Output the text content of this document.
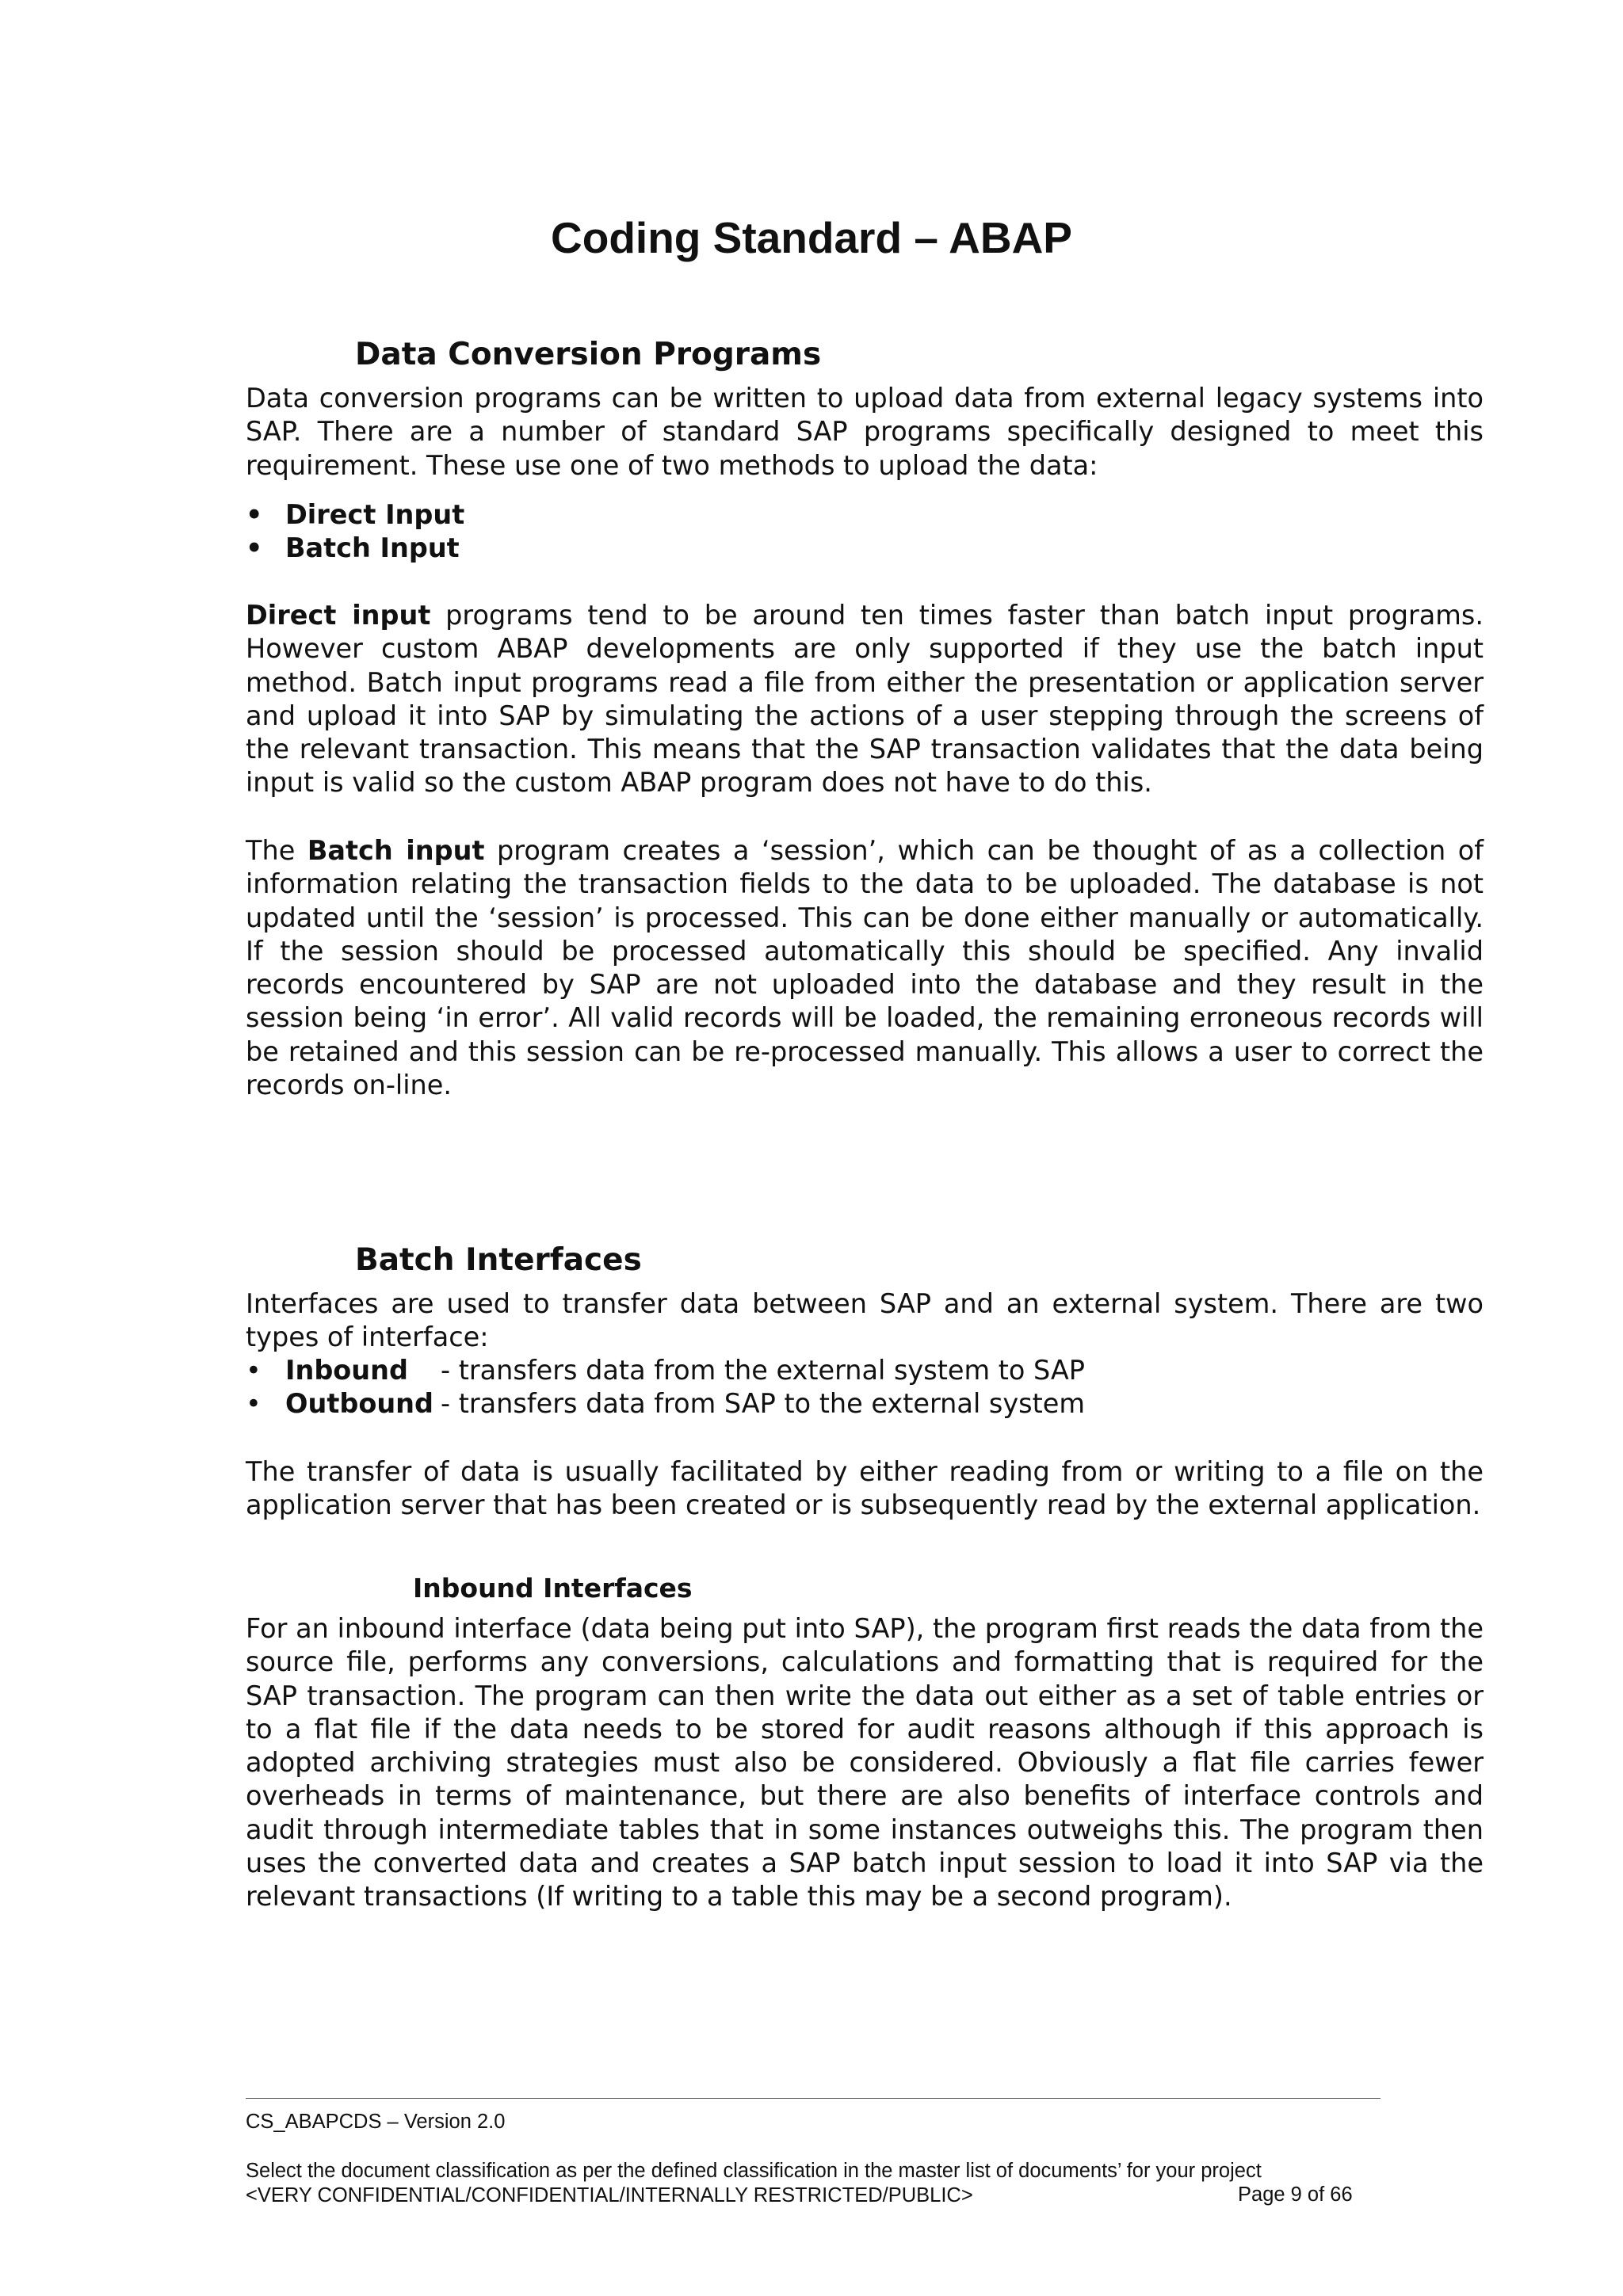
Coding Standard – ABAP
Data Conversion Programs

Data conversion programs can be written to upload data from external legacy systems into SAP. There are a number of standard SAP programs specifically designed to meet this requirement. These use one of two methods to upload the data:

• Direct Input
• Batch Input

Direct input programs tend to be around ten times faster than batch input programs. However custom ABAP developments are only supported if they use the batch input method. Batch input programs read a file from either the presentation or application server and upload it into SAP by simulating the actions of a user stepping through the screens of the relevant transaction. This means that the SAP transaction validates that the data being input is valid so the custom ABAP program does not have to do this.

The Batch input program creates a ‘session’, which can be thought of as a collection of information relating the transaction fields to the data to be uploaded. The database is not updated until the ‘session’ is processed. This can be done either manually or automatically. If the session should be processed automatically this should be specified. Any invalid records encountered by SAP are not uploaded into the database and they result in the session being ‘in error’. All valid records will be loaded, the remaining erroneous records will be retained and this session can be re-processed manually. This allows a user to correct the records on-line.

Batch Interfaces

Interfaces are used to transfer data between SAP and an external system. There are two types of interface:

• Inbound - transfers data from the external system to SAP
• Outbound - transfers data from SAP to the external system

The transfer of data is usually facilitated by either reading from or writing to a file on the application server that has been created or is subsequently read by the external application.

Inbound Interfaces

For an inbound interface (data being put into SAP), the program first reads the data from the source file, performs any conversions, calculations and formatting that is required for the SAP transaction. The program can then write the data out either as a set of table entries or to a flat file if the data needs to be stored for audit reasons although if this approach is adopted archiving strategies must also be considered. Obviously a flat file carries fewer overheads in terms of maintenance, but there are also benefits of interface controls and audit through intermediate tables that in some instances outweighs this. The program then uses the converted data and creates a SAP batch input session to load it into SAP via the relevant transactions (If writing to a table this may be a second program).

CS_ABAPCDS – Version 2.0

Select the document classification as per the defined classification in the master list of documents’ for your project

<VERY CONFIDENTIAL/CONFIDENTIAL/INTERNALLY RESTRICTED/PUBLIC>	Page 9 of 66
